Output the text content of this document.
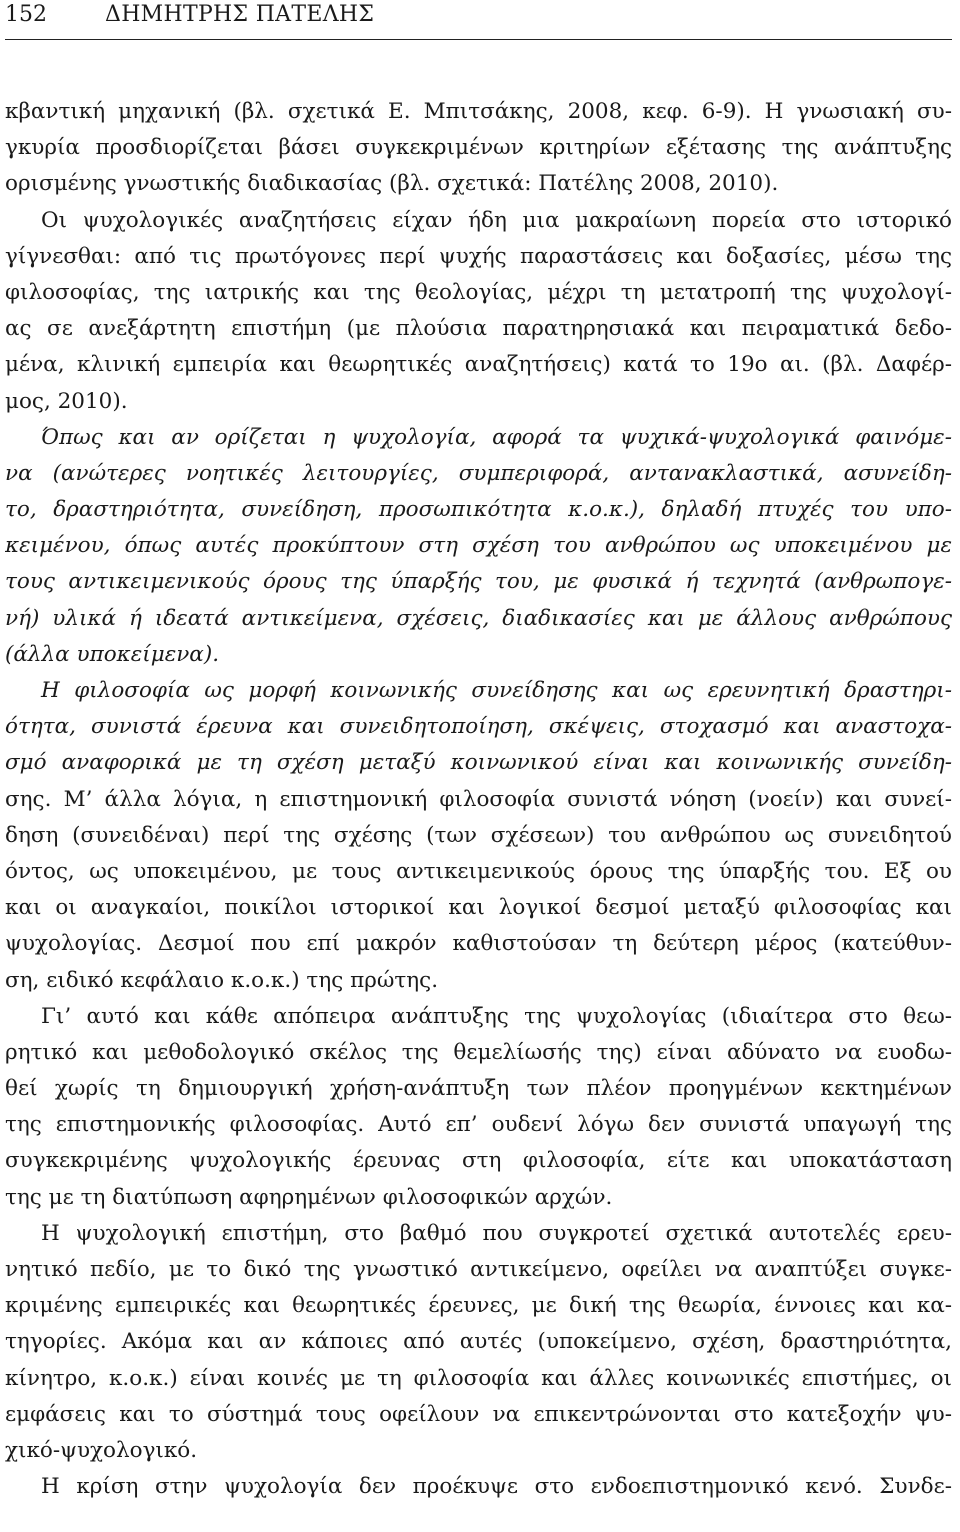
152	ΔΗΜΗΤΡΗΣ ΠΑΤΕΛΗΣ
κβαντική μηχανική (βλ. σχετικά Ε. Μπιτσάκης, 2008, κεφ. 6-9). Η γνωσιακή συ-
γκυρία προσδιορίζεται βάσει συγκεκριμένων κριτηρίων εξέτασης της ανάπτυξης
ορισμένης γνωστικής διαδικασίας (βλ. σχετικά: Πατέλης 2008, 2010).
Οι ψυχολογικές αναζητήσεις είχαν ήδη μια μακραίωνη πορεία στο ιστορικό
γίγνεσθαι: από τις πρωτόγονες περί ψυχής παραστάσεις και δοξασίες, μέσω της
φιλοσοφίας, της ιατρικής και της θεολογίας, μέχρι τη μετατροπή της ψυχολογί-
ας σε ανεξάρτητη επιστήμη (με πλούσια παρατηρησιακά και πειραματικά δεδο-
μένα, κλινική εμπειρία και θεωρητικές αναζητήσεις) κατά το 19ο αι. (βλ. Δαφέρ-
μος, 2010).
Όπως και αν ορίζεται η ψυχολογία, αφορά τα ψυχικά-ψυχολογικά φαινόμε-
να (ανώτερες νοητικές λειτουργίες, συμπεριφορά, αντανακλαστικά, ασυνείδη-
το, δραστηριότητα, συνείδηση, προσωπικότητα κ.ο.κ.), δηλαδή πτυχές του υπο-
κειμένου, όπως αυτές προκύπτουν στη σχέση του ανθρώπου ως υποκειμένου με
τους αντικειμενικούς όρους της ύπαρξής του, με φυσικά ή τεχνητά (ανθρωπογε-
νή) υλικά ή ιδεατά αντικείμενα, σχέσεις, διαδικασίες και με άλλους ανθρώπους
(άλλα υποκείμενα).
Η φιλοσοφία ως μορφή κοινωνικής συνείδησης και ως ερευνητική δραστηρι-
ότητα, συνιστά έρευνα και συνειδητοποίηση, σκέψεις, στοχασμό και αναστοχα-
σμό αναφορικά με τη σχέση μεταξύ κοινωνικού είναι και κοινωνικής συνείδη-
σης. Μ’ άλλα λόγια, η επιστημονική φιλοσοφία συνιστά νόηση (νοείν) και συνεί-
δηση (συνειδέναι) περί της σχέσης (των σχέσεων) του ανθρώπου ως συνειδητού
όντος, ως υποκειμένου, με τους αντικειμενικούς όρους της ύπαρξής του. Εξ ου
και οι αναγκαίοι, ποικίλοι ιστορικοί και λογικοί δεσμοί μεταξύ φιλοσοφίας και
ψυχολογίας. Δεσμοί που επί μακρόν καθιστούσαν τη δεύτερη μέρος (κατεύθυν-
ση, ειδικό κεφάλαιο κ.ο.κ.) της πρώτης.
Γι’ αυτό και κάθε απόπειρα ανάπτυξης της ψυχολογίας (ιδιαίτερα στο θεω-
ρητικό και μεθοδολογικό σκέλος της θεμελίωσής της) είναι αδύνατο να ευοδω-
θεί χωρίς τη δημιουργική χρήση-ανάπτυξη των πλέον προηγμένων κεκτημένων
της επιστημονικής φιλοσοφίας. Αυτό επ’ ουδενί λόγω δεν συνιστά υπαγωγή της
συγκεκριμένης ψυχολογικής έρευνας στη φιλοσοφία, είτε και υποκατάσταση
της με τη διατύπωση αφηρημένων φιλοσοφικών αρχών.
Η ψυχολογική επιστήμη, στο βαθμό που συγκροτεί σχετικά αυτοτελές ερευ-
νητικό πεδίο, με το δικό της γνωστικό αντικείμενο, οφείλει να αναπτύξει συγκε-
κριμένης εμπειρικές και θεωρητικές έρευνες, με δική της θεωρία, έννοιες και κα-
τηγορίες. Ακόμα και αν κάποιες από αυτές (υποκείμενο, σχέση, δραστηριότητα,
κίνητρο, κ.ο.κ.) είναι κοινές με τη φιλοσοφία και άλλες κοινωνικές επιστήμες, οι
εμφάσεις και το σύστημά τους οφείλουν να επικεντρώνονται στο κατεξοχήν ψυ-
χικό-ψυχολογικό.
Η κρίση στην ψυχολογία δεν προέκυψε στο ενδοεπιστημονικό κενό. Συνδε-
